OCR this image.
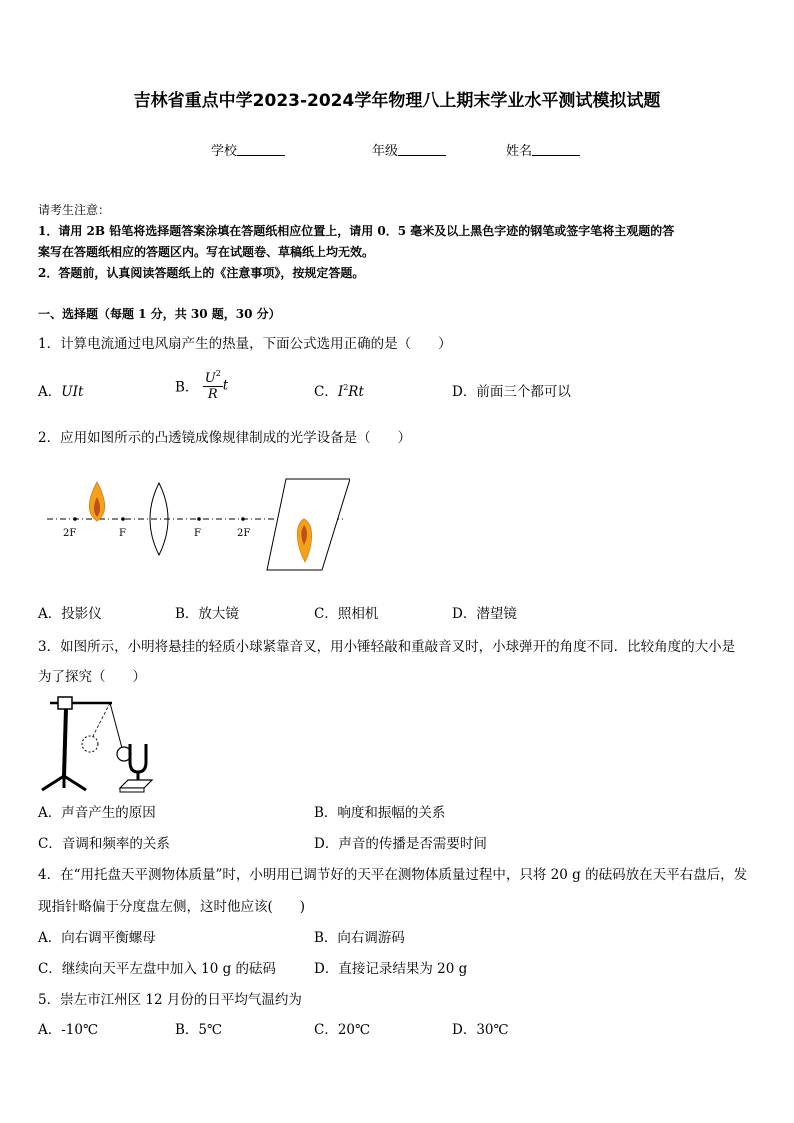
吉林省重点中学2023-2024学年物理八上期末学业水平测试模拟试题
学校	年级	姓名
请考生注意：
1．请用 2B 铅笔将选择题答案涂填在答题纸相应位置上，请用 0．5 毫米及以上黑色字迹的钢笔或签字笔将主观题的答
案写在答题纸相应的答题区内。写在试题卷、草稿纸上均无效。
2．答题前，认真阅读答题纸上的《注意事项》，按规定答题。
一、选择题（每题 1 分，共 30 题，30 分）
1．计算电流通过电风扇产生的热量，下面公式选用正确的是（　　）
A．UIt	B． $\frac{U^2}{R}$ t	C．$I^2Rt$	D．前面三个都可以
2．应用如图所示的凸透镜成像规律制成的光学设备是（　　）
2F	F	F	2F
A．投影仪	B．放大镜	C．照相机	D．潜望镜
3．如图所示，小明将悬挂的轻质小球紧靠音叉，用小锤轻敲和重敲音叉时，小球弹开的角度不同．比较角度的大小是
为了探究（　　）
A．声音产生的原因	B．响度和振幅的关系
C．音调和频率的关系	D．声音的传播是否需要时间
4．在“用托盘天平测物体质量”时，小明用已调节好的天平在测物体质量过程中，只将 20 g 的砝码放在天平右盘后，发
现指针略偏于分度盘左侧，这时他应该(　　)
A．向右调平衡螺母	B．向右调游码
C．继续向天平左盘中加入 10 g 的砝码	D．直接记录结果为 20 g
5．崇左市江州区 12 月份的日平均气温约为
A．-10℃	B．5℃	C．20℃	D．30℃
